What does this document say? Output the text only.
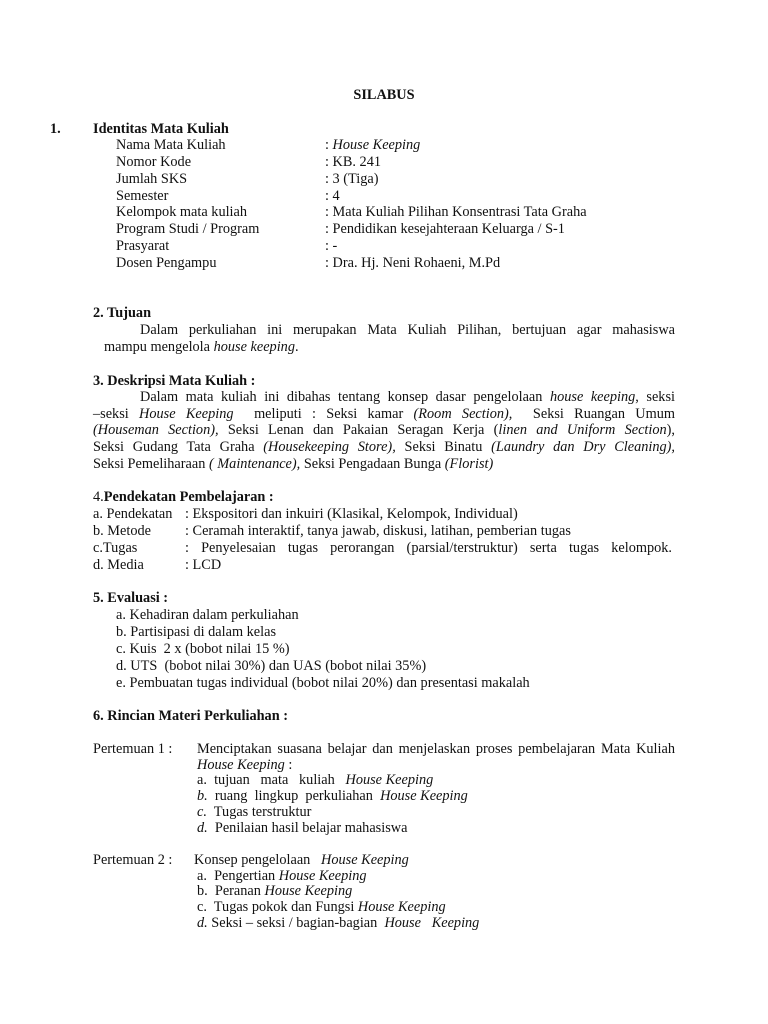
SILABUS
1. Identitas Mata Kuliah
Nama Mata Kuliah	: House Keeping
Nomor Kode	: KB. 241
Jumlah SKS	: 3 (Tiga)
Semester	: 4
Kelompok mata kuliah	: Mata Kuliah Pilihan Konsentrasi Tata Graha
Program Studi / Program	: Pendidikan kesejahteraan Keluarga / S-1
Prasyarat	: -
Dosen Pengampu	: Dra. Hj. Neni Rohaeni, M.Pd
2. Tujuan
Dalam perkuliahan ini merupakan Mata Kuliah Pilihan, bertujuan agar mahasiswa
mampu mengelola house keeping.
3. Deskripsi Mata Kuliah :
Dalam mata kuliah ini dibahas tentang konsep dasar pengelolaan house keeping, seksi
–seksi House Keeping  meliputi : Seksi kamar (Room Section),  Seksi Ruangan Umum
(Houseman Section), Seksi Lenan dan Pakaian Seragan Kerja (linen and Uniform Section),
Seksi Gudang Tata Graha (Housekeeping Store), Seksi Binatu (Laundry dan Dry Cleaning),
Seksi Pemeliharaan ( Maintenance), Seksi Pengadaan Bunga (Florist)
4.Pendekatan Pembelajaran :
a. Pendekatan : Ekspositori dan inkuiri (Klasikal, Kelompok, Individual)
b. Metode : Ceramah interaktif, tanya jawab, diskusi, latihan, pemberian tugas
c.Tugas	: Penyelesaian tugas perorangan (parsial/terstruktur) serta tugas kelompok.
d. Media	: LCD
5. Evaluasi :
a. Kehadiran dalam perkuliahan
b. Partisipasi di dalam kelas
c. Kuis  2 x (bobot nilai 15 %)
d. UTS  (bobot nilai 30%) dan UAS (bobot nilai 35%)
e. Pembuatan tugas individual (bobot nilai 20%) dan presentasi makalah
6. Rincian Materi Perkuliahan :
Pertemuan 1 : Menciptakan suasana belajar dan menjelaskan proses pembelajaran Mata Kuliah
House Keeping :
a.  tujuan   mata   kuliah   House Keeping
b.  ruang  lingkup  perkuliahan  House Keeping
c.  Tugas terstruktur
d.  Penilaian hasil belajar mahasiswa
Pertemuan 2 : Konsep pengelolaan   House Keeping
a.  Pengertian House Keeping
b.  Peranan House Keeping
c.  Tugas pokok dan Fungsi House Keeping
d. Seksi – seksi / bagian-bagian  House   Keeping
